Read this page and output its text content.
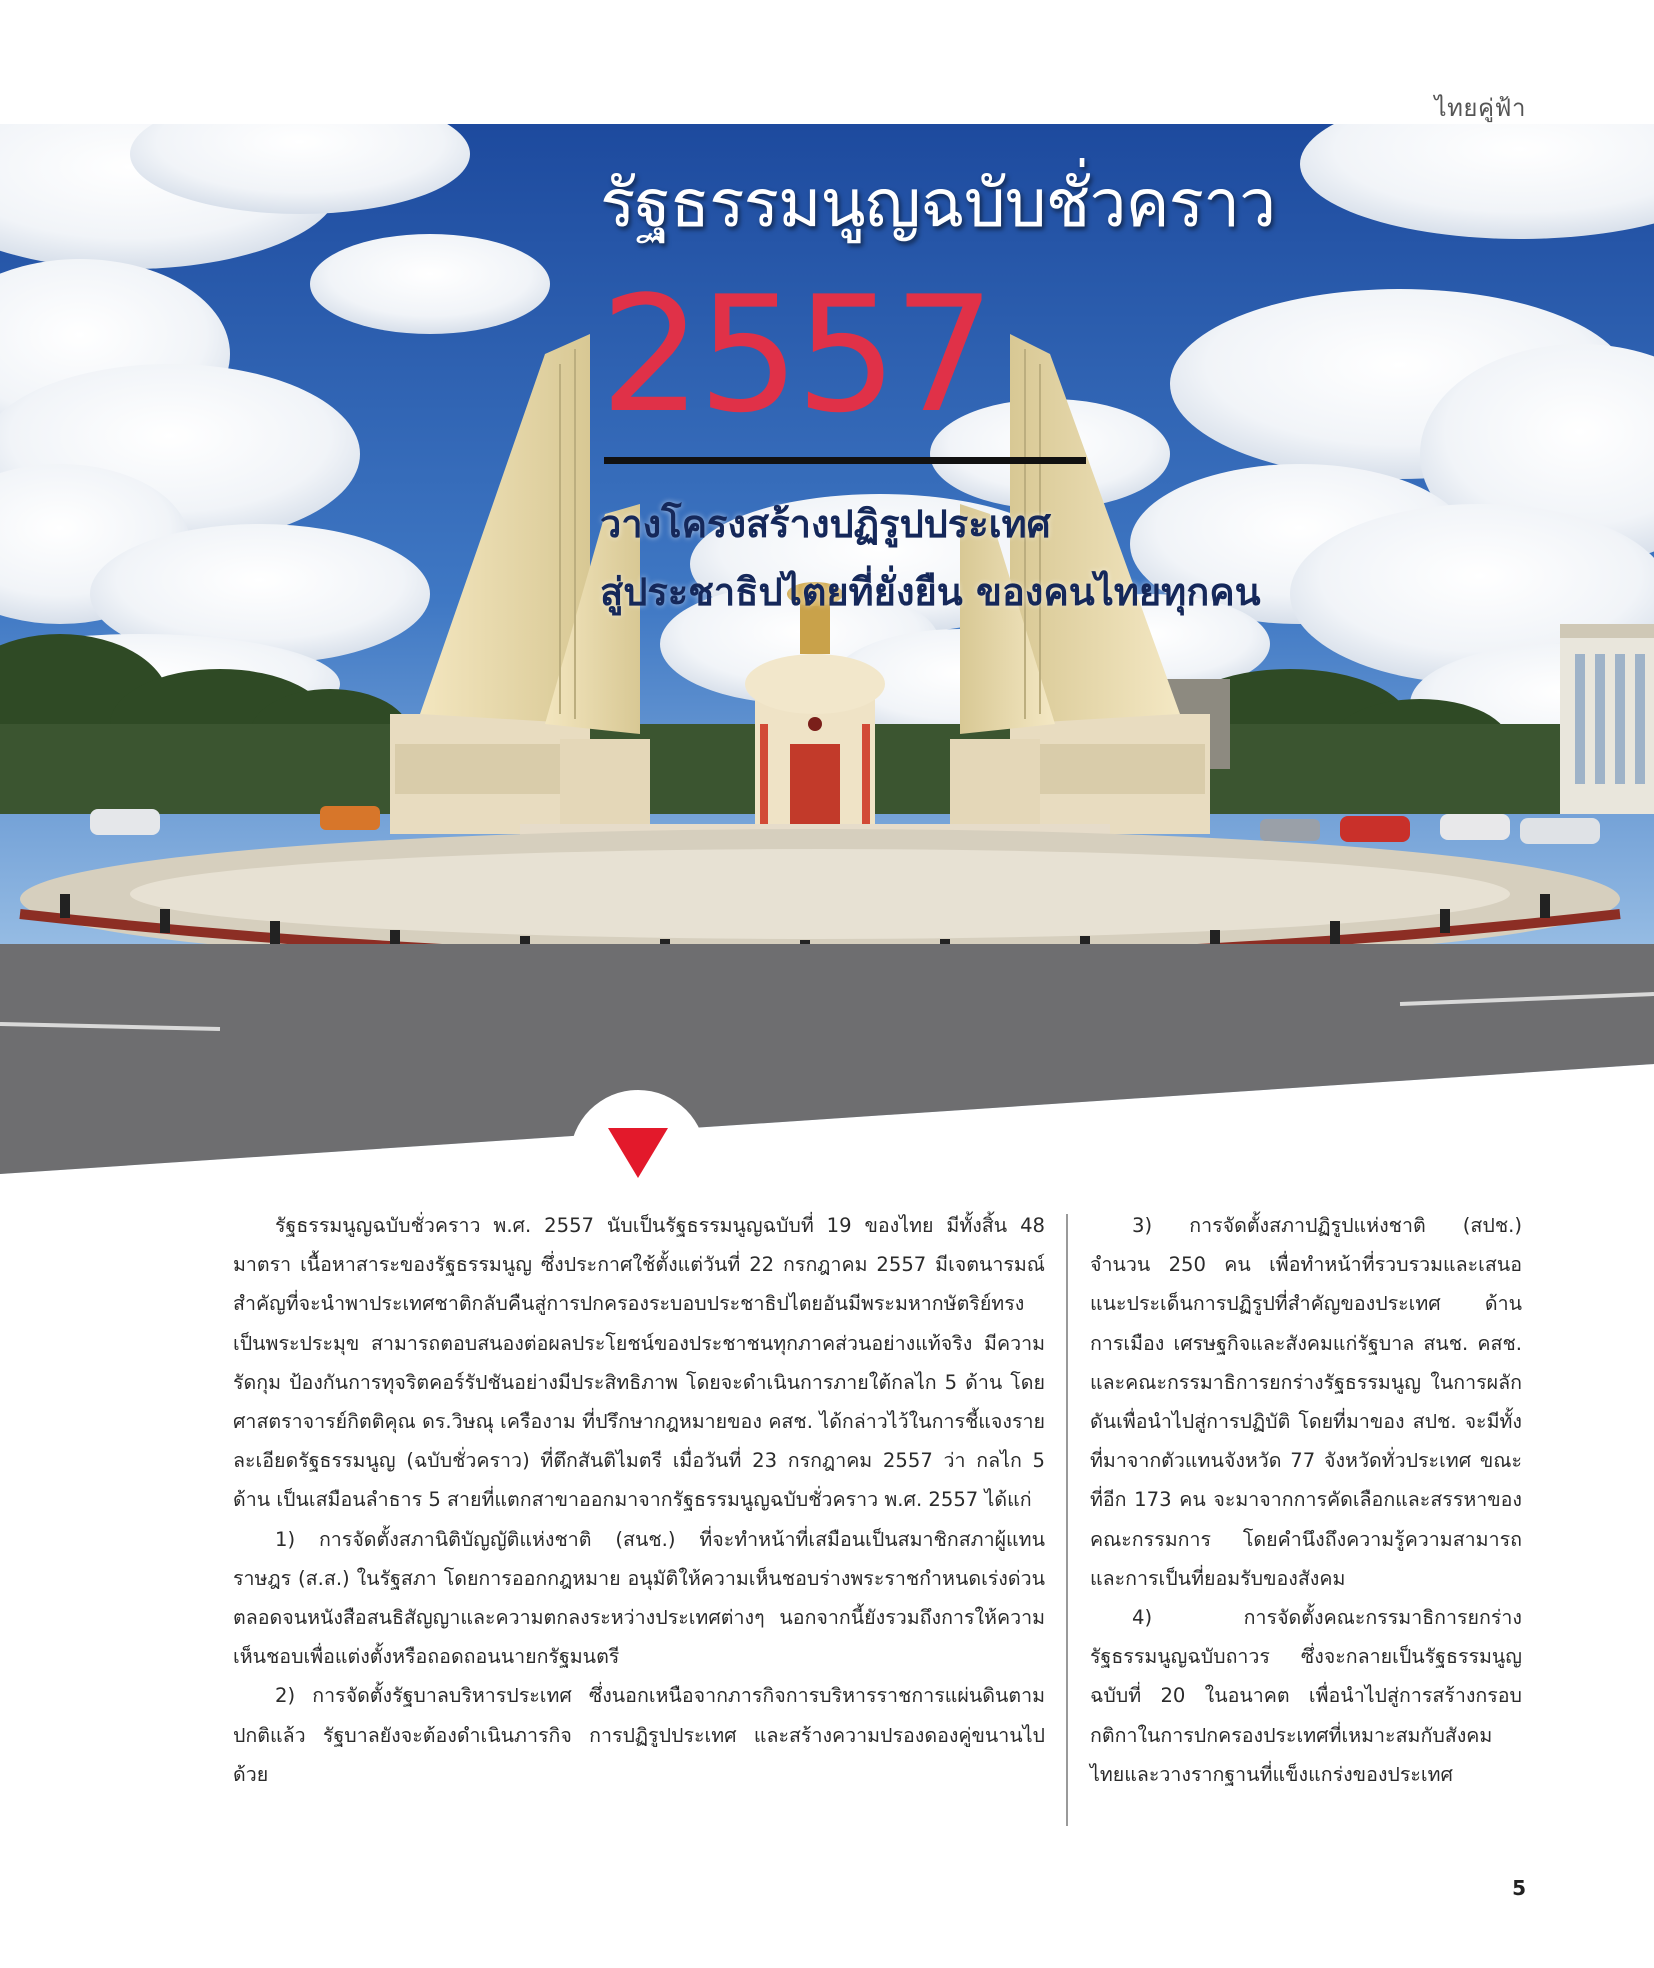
ไทยคู่ฟ้า
รัฐธรรมนูญฉบับชั่วคราว
2557
วางโครงสร้างปฏิรูปประเทศ
สู่ประชาธิปไตยที่ยั่งยืน ของคนไทยทุกคน

รัฐธรรมนูญฉบับชั่วคราว พ.ศ. 2557 นับเป็นรัฐธรรมนูญฉบับที่ 19 ของไทย มีทั้งสิ้น 48 มาตรา เนื้อหาสาระของรัฐธรรมนูญ ซึ่งประกาศใช้ตั้งแต่วันที่ 22 กรกฎาคม 2557 มีเจตนารมณ์สำคัญที่จะนำพาประเทศชาติกลับคืนสู่การปกครองระบอบประชาธิปไตยอันมีพระมหากษัตริย์ทรงเป็นพระประมุข สามารถตอบสนองต่อผลประโยชน์ของประชาชนทุกภาคส่วนอย่างแท้จริง มีความรัดกุม ป้องกันการทุจริตคอร์รัปชันอย่างมีประสิทธิภาพ โดยจะดำเนินการภายใต้กลไก 5 ด้าน โดย ศาสตราจารย์กิตติคุณ ดร.วิษณุ เครืองาม ที่ปรึกษากฎหมายของ คสช. ได้กล่าวไว้ในการชี้แจงรายละเอียดรัฐธรรมนูญ (ฉบับชั่วคราว) ที่ตึกสันติไมตรี เมื่อวันที่ 23 กรกฎาคม 2557 ว่า กลไก 5 ด้าน เป็นเสมือนลำธาร 5 สายที่แตกสาขาออกมาจากรัฐธรรมนูญฉบับชั่วคราว พ.ศ. 2557 ได้แก่

1) การจัดตั้งสภานิติบัญญัติแห่งชาติ (สนช.) ที่จะทำหน้าที่เสมือนเป็นสมาชิกสภาผู้แทนราษฎร (ส.ส.) ในรัฐสภา โดยการออกกฎหมาย อนุมัติให้ความเห็นชอบร่างพระราชกำหนดเร่งด่วน ตลอดจนหนังสือสนธิสัญญาและความตกลงระหว่างประเทศต่างๆ นอกจากนี้ยังรวมถึงการให้ความเห็นชอบเพื่อแต่งตั้งหรือถอดถอนนายกรัฐมนตรี

2) การจัดตั้งรัฐบาลบริหารประเทศ ซึ่งนอกเหนือจากภารกิจการบริหารราชการแผ่นดินตามปกติแล้ว รัฐบาลยังจะต้องดำเนินภารกิจ การปฏิรูปประเทศ และสร้างความปรองดองคู่ขนานไปด้วย

3) การจัดตั้งสภาปฏิรูปแห่งชาติ (สปช.) จำนวน 250 คน เพื่อทำหน้าที่รวบรวมและเสนอแนะประเด็นการปฏิรูปที่สำคัญของประเทศ ด้านการเมือง เศรษฐกิจและสังคมแก่รัฐบาล สนช. คสช. และคณะกรรมาธิการยกร่างรัฐธรรมนูญ ในการผลักดันเพื่อนำไปสู่การปฏิบัติ โดยที่มาของ สปช. จะมีทั้งที่มาจากตัวแทนจังหวัด 77 จังหวัดทั่วประเทศ ขณะที่อีก 173 คน จะมาจากการคัดเลือกและสรรหาของคณะกรรมการ โดยคำนึงถึงความรู้ความสามารถ และการเป็นที่ยอมรับของสังคม

4) การจัดตั้งคณะกรรมาธิการยกร่างรัฐธรรมนูญฉบับถาวร ซึ่งจะกลายเป็นรัฐธรรมนูญฉบับที่ 20 ในอนาคต เพื่อนำไปสู่การสร้างกรอบกติกาในการปกครองประเทศที่เหมาะสมกับสังคมไทยและวางรากฐานที่แข็งแกร่งของประเทศ

5
